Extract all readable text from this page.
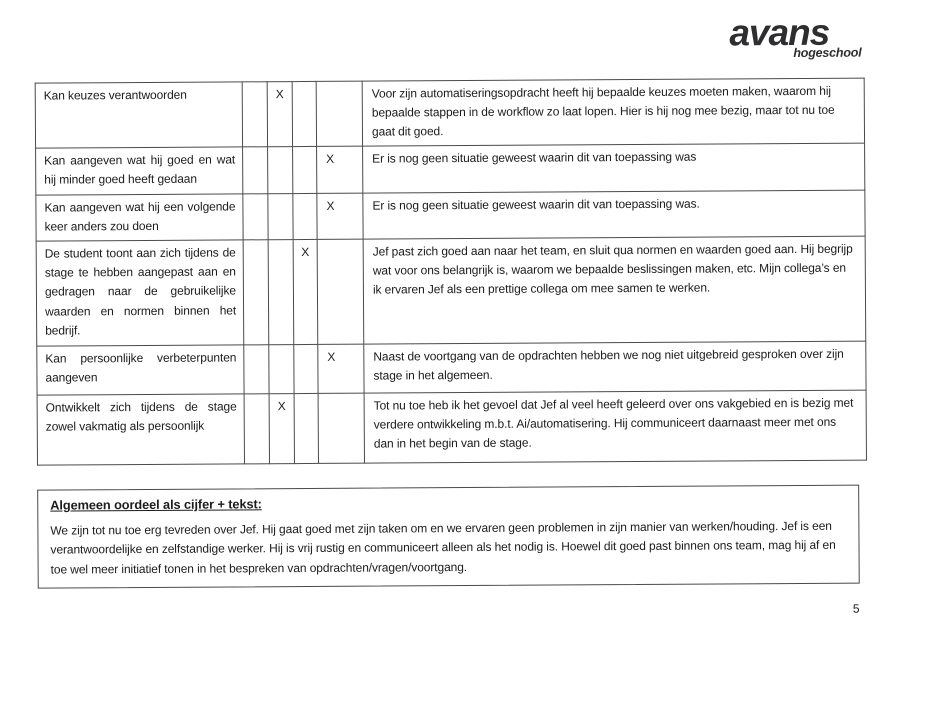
avans
hogeschool
Kan keuzes verantwoorden		X			Voor zijn automatiseringsopdracht heeft hij bepaalde keuzes moeten maken, waarom hij bepaalde stappen in de workflow zo laat lopen. Hier is hij nog mee bezig, maar tot nu toe gaat dit goed.
Kan aangeven wat hij goed en wat hij minder goed heeft gedaan				X	Er is nog geen situatie geweest waarin dit van toepassing was
Kan aangeven wat hij een volgende keer anders zou doen				X	Er is nog geen situatie geweest waarin dit van toepassing was.
De student toont aan zich tijdens de stage te hebben aangepast aan en gedragen naar de gebruikelijke waarden en normen binnen het bedrijf.			X		Jef past zich goed aan naar het team, en sluit qua normen en waarden goed aan. Hij begrijp wat voor ons belangrijk is, waarom we bepaalde beslissingen maken, etc. Mijn collega’s en ik ervaren Jef als een prettige collega om mee samen te werken.
Kan persoonlijke verbeterpunten aangeven				X	Naast de voortgang van de opdrachten hebben we nog niet uitgebreid gesproken over zijn stage in het algemeen.
Ontwikkelt zich tijdens de stage zowel vakmatig als persoonlijk		X			Tot nu toe heb ik het gevoel dat Jef al veel heeft geleerd over ons vakgebied en is bezig met verdere ontwikkeling m.b.t. Ai/automatisering. Hij communiceert daarnaast meer met ons dan in het begin van de stage.
Algemeen oordeel als cijfer + tekst:
We zijn tot nu toe erg tevreden over Jef. Hij gaat goed met zijn taken om en we ervaren geen problemen in zijn manier van werken/houding. Jef is een verantwoordelijke en zelfstandige werker. Hij is vrij rustig en communiceert alleen als het nodig is. Hoewel dit goed past binnen ons team, mag hij af en toe wel meer initiatief tonen in het bespreken van opdrachten/vragen/voortgang.
5
